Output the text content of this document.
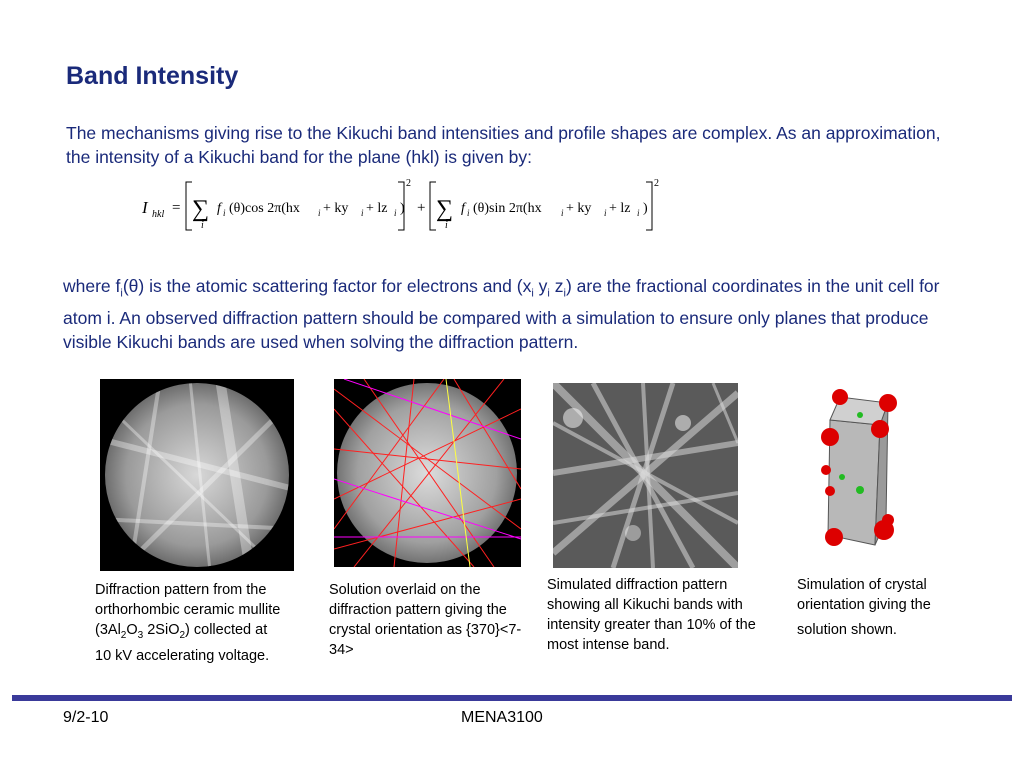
Band Intensity
The mechanisms giving rise to the Kikuchi band intensities and profile shapes are complex. As an approximation, the intensity of a Kikuchi band for the plane (hkl) is given by:
I hkl = ∑
i
f i (θ)cos 2π(hx i + ky i + lz i )
2
+ ∑
i
f i (θ)sin 2π(hx i + ky i + lz i )
2
where $f_i(\theta)$ is the atomic scattering factor for electrons and ($x_i$ $y_i$ $z_i$) are the fractional coordinates in the unit cell for atom i. An observed diffraction pattern should be compared with a simulation to ensure only planes that produce visible Kikuchi bands are used when solving the diffraction pattern.
Diffraction pattern from the
orthorhombic ceramic mullite
($3Al_2O_3$ 2SiO$_2$) collected at
10 kV accelerating voltage.
Solution overlaid on the diffraction pattern giving the crystal orientation as {370}<7-34>
Simulated diffraction pattern showing all Kikuchi bands with intensity greater than 10% of the most intense band.
Simulation of crystal orientation giving the
solution shown.
9/2-10	MENA3100
